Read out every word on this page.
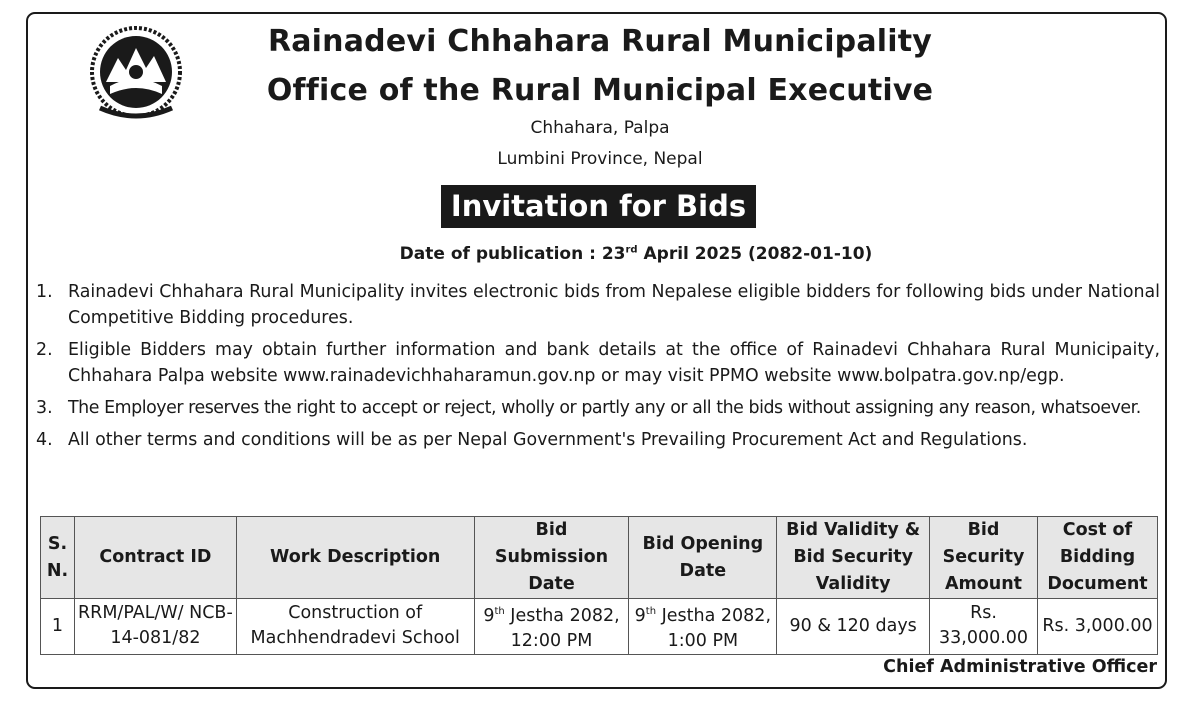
Rainadevi Chhahara Rural Municipality
Office of the Rural Municipal Executive
Chhahara, Palpa
Lumbini Province, Nepal
Invitation for Bids
Date of publication : 23rd April 2025 (2082-01-10)
1. Rainadevi Chhahara Rural Municipality invites electronic bids from Nepalese eligible bidders for following bids under National Competitive Bidding procedures.
2. Eligible Bidders may obtain further information and bank details at the office of Rainadevi Chhahara Rural Municipaity, Chhahara Palpa website www.rainadevichhaharamun.gov.np or may visit PPMO website www.bolpatra.gov.np/egp.
3. The Employer reserves the right to accept or reject, wholly or partly any or all the bids without assigning any reason, whatsoever.
4. All other terms and conditions will be as per Nepal Government's Prevailing Procurement Act and Regulations.
S. N.	Contract ID	Work Description	Bid Submission Date	Bid Opening Date	Bid Validity & Bid Security Validity	Bid Security Amount	Cost of Bidding Document
1	RRM/PAL/W/ NCB-14-081/82	Construction of Machhendradevi School	9th Jestha 2082, 12:00 PM	9th Jestha 2082, 1:00 PM	90 & 120 days	Rs. 33,000.00	Rs. 3,000.00
Chief Administrative Officer
